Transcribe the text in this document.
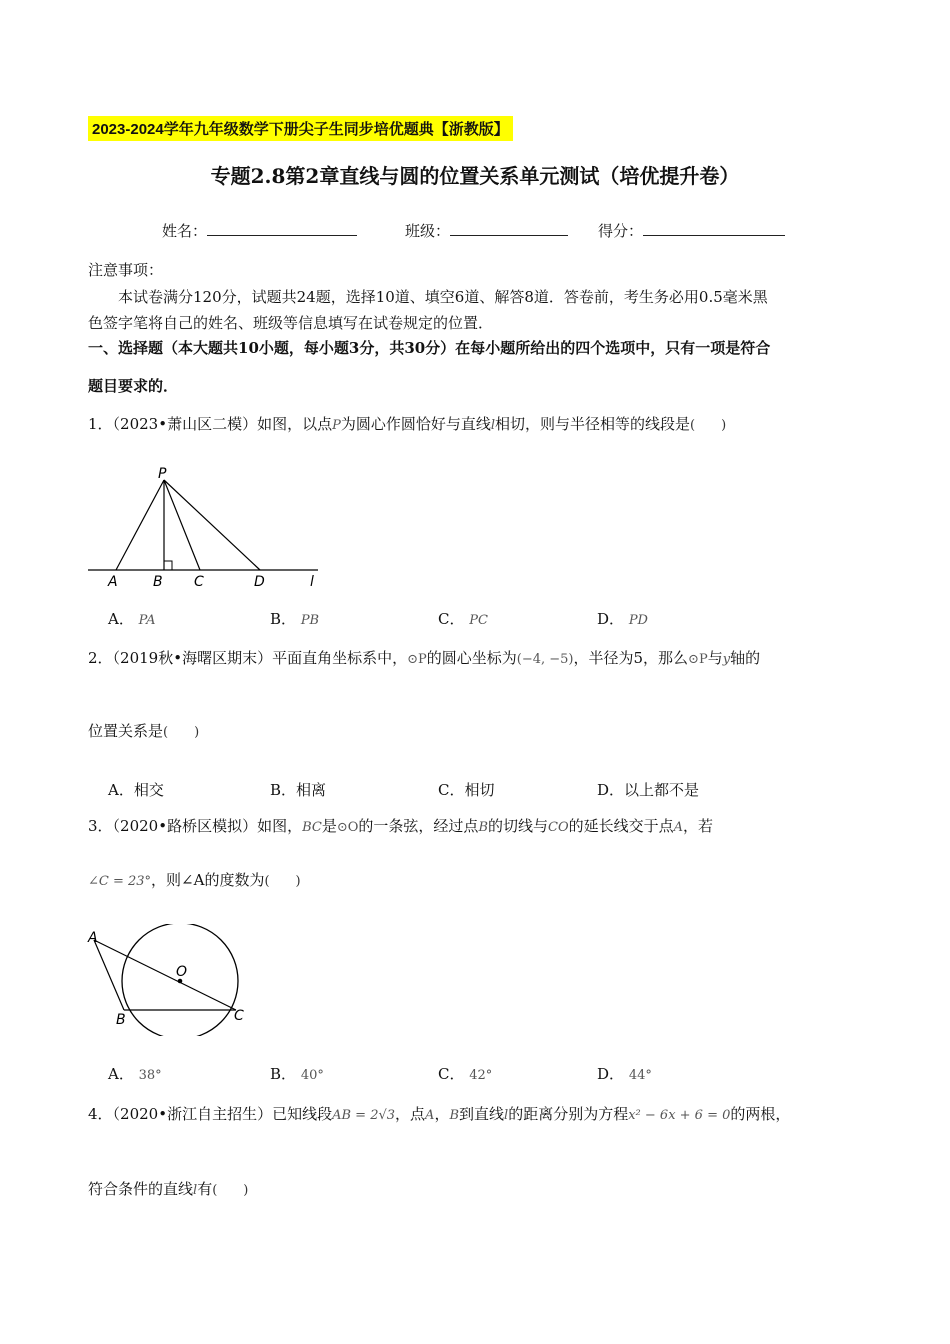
2023-2024学年九年级数学下册尖子生同步培优题典【浙教版】
专题2.8第2章直线与圆的位置关系单元测试（培优提升卷）
姓名：	班级：	得分：
注意事项：
本试卷满分120分，试题共24题，选择10道、填空6道、解答8道．答卷前，考生务必用0.5毫米黑
色签字笔将自己的姓名、班级等信息填写在试卷规定的位置．
一、选择题（本大题共10小题，每小题3分，共30分）在每小题所给出的四个选项中，只有一项是符合
题目要求的．
1．（2023•萧山区二模）如图，以点P为圆心作圆恰好与直线l相切，则与半径相等的线段是(　　)
P
A	B C	D	l
A． PA	B． PB	C． PC	D． PD
2．（2019秋•海曙区期末）平面直角坐标系中，⊙P的圆心坐标为(−4, −5)，半径为5，那么⊙P与y轴的
位置关系是(　　)
A．相交	B．相离	C．相切	D．以上都不是
3．（2020•路桥区模拟）如图，BC是⊙O的一条弦，经过点B的切线与CO的延长线交于点A，若
∠C = 23°，则∠A的度数为(　　)
A
O
B	C
A． 38°	B． 40°	C． 42°	D． 44°
4．（2020•浙江自主招生）已知线段AB = 2√3，点A，B到直线l的距离分别为方程x² − 6x + 6 = 0的两根，
符合条件的直线l有(　　)
